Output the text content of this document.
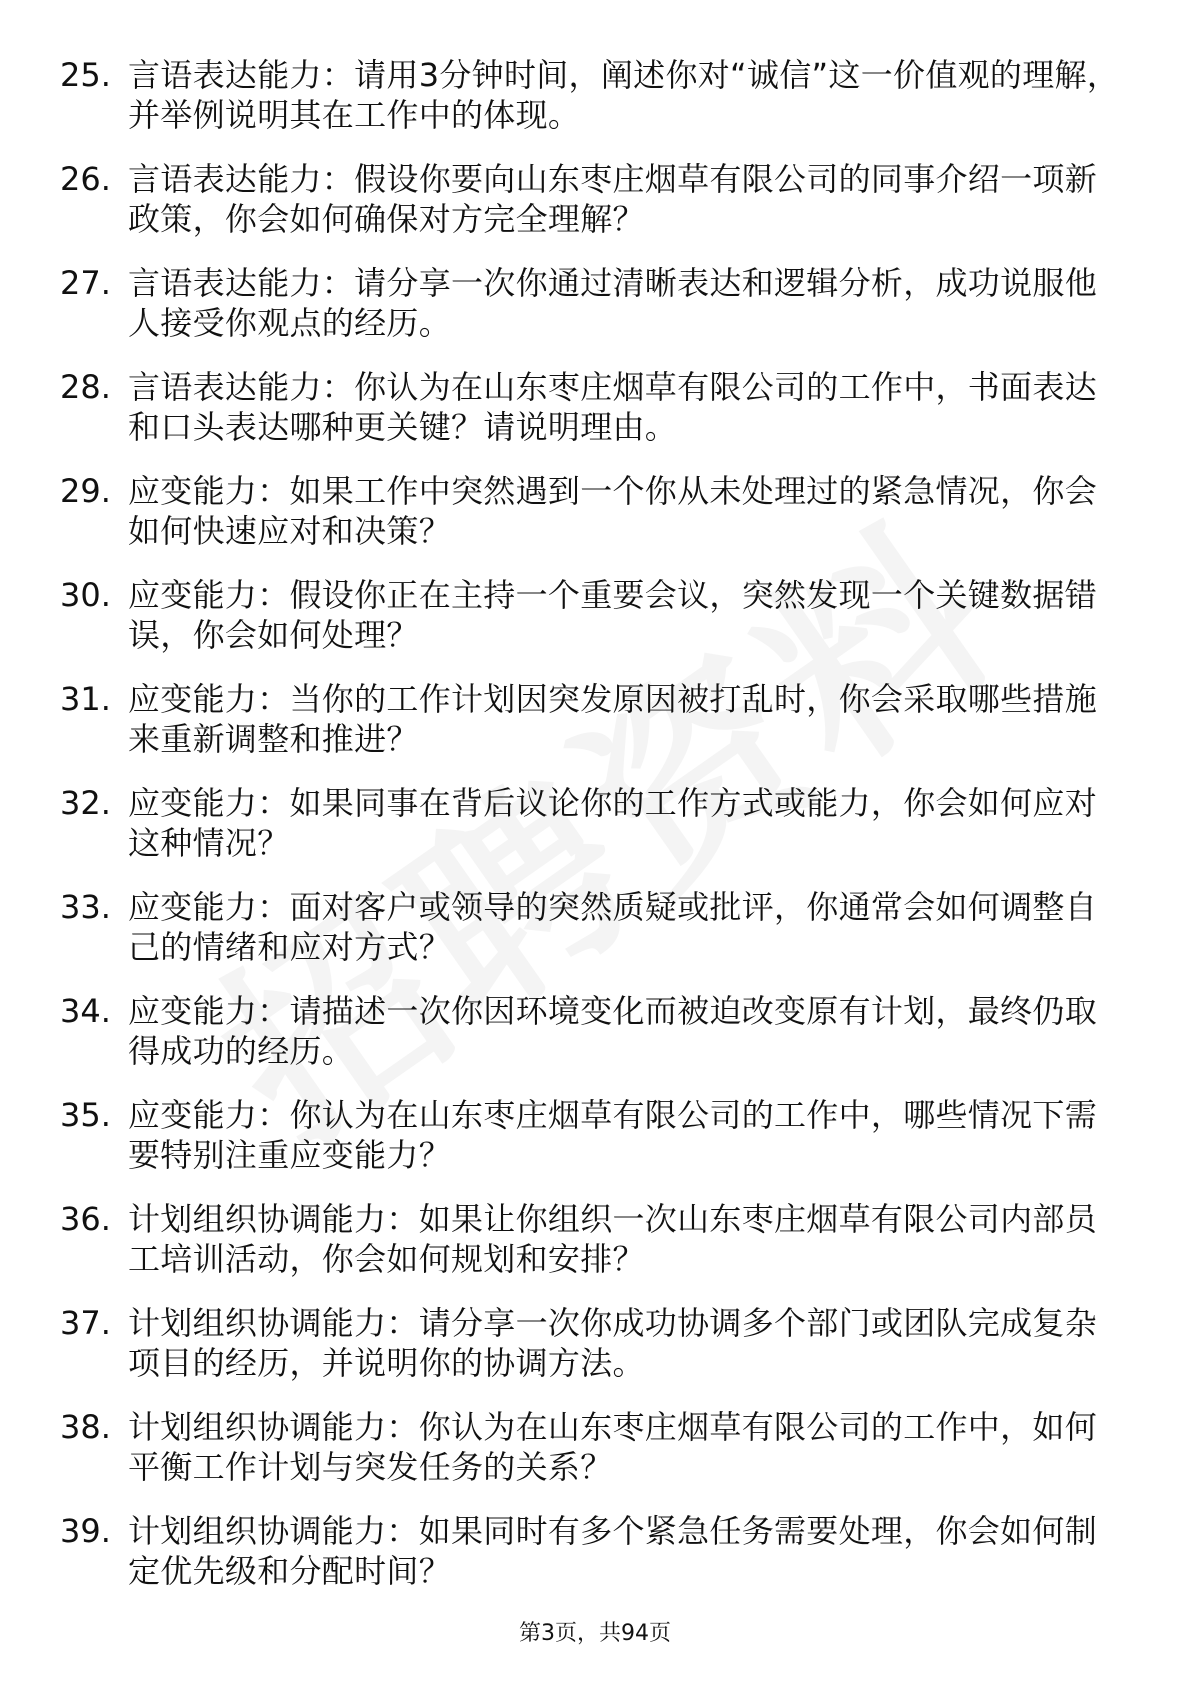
25. 言语表达能力：请用3分钟时间，阐述你对“诚信”这一价值观的理解，并举例说明其在工作中的体现。
26. 言语表达能力：假设你要向山东枣庄烟草有限公司的同事介绍一项新政策，你会如何确保对方完全理解？
27. 言语表达能力：请分享一次你通过清晰表达和逻辑分析，成功说服他人接受你观点的经历。
28. 言语表达能力：你认为在山东枣庄烟草有限公司的工作中，书面表达和口头表达哪种更关键？请说明理由。
29. 应变能力：如果工作中突然遇到一个你从未处理过的紧急情况，你会如何快速应对和决策？
30. 应变能力：假设你正在主持一个重要会议，突然发现一个关键数据错误，你会如何处理？
31. 应变能力：当你的工作计划因突发原因被打乱时，你会采取哪些措施来重新调整和推进？
32. 应变能力：如果同事在背后议论你的工作方式或能力，你会如何应对这种情况？
33. 应变能力：面对客户或领导的突然质疑或批评，你通常会如何调整自己的情绪和应对方式？
34. 应变能力：请描述一次你因环境变化而被迫改变原有计划，最终仍取得成功的经历。
35. 应变能力：你认为在山东枣庄烟草有限公司的工作中，哪些情况下需要特别注重应变能力？
36. 计划组织协调能力：如果让你组织一次山东枣庄烟草有限公司内部员工培训活动，你会如何规划和安排？
37. 计划组织协调能力：请分享一次你成功协调多个部门或团队完成复杂项目的经历，并说明你的协调方法。
38. 计划组织协调能力：你认为在山东枣庄烟草有限公司的工作中，如何平衡工作计划与突发任务的关系？
39. 计划组织协调能力：如果同时有多个紧急任务需要处理，你会如何制定优先级和分配时间？
第3页，共94页
